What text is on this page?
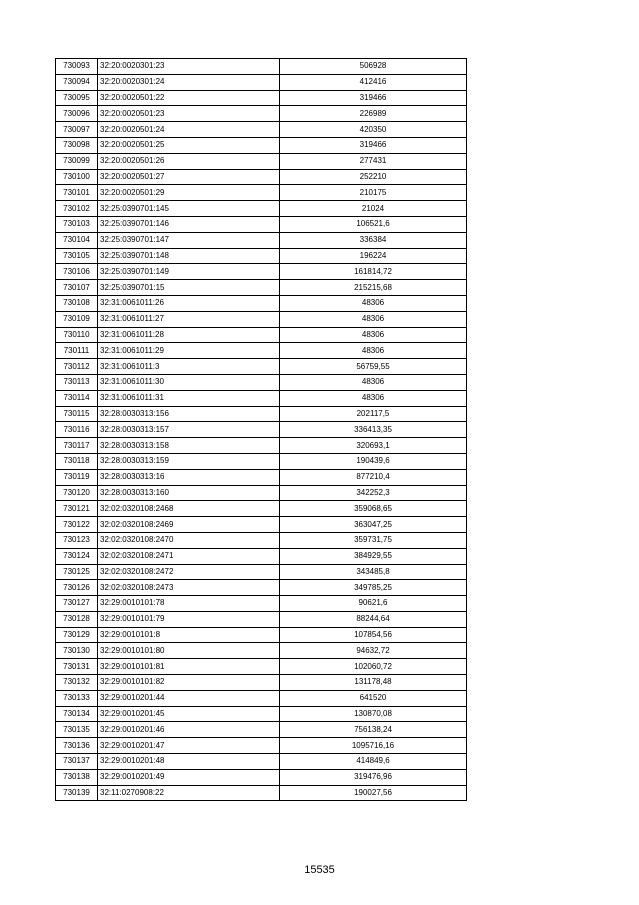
730093	32:20:0020301:23	506928
730094	32:20:0020301:24	412416
730095	32:20:0020501:22	319466
730096	32:20:0020501:23	226989
730097	32:20:0020501:24	420350
730098	32:20:0020501:25	319466
730099	32:20:0020501:26	277431
730100	32:20:0020501:27	252210
730101	32:20:0020501:29	210175
730102	32:25:0390701:145	21024
730103	32:25:0390701:146	106521,6
730104	32:25:0390701:147	336384
730105	32:25:0390701:148	196224
730106	32:25:0390701:149	161814,72
730107	32:25:0390701:15	215215,68
730108	32:31:0061011:26	48306
730109	32:31:0061011:27	48306
730110	32:31:0061011:28	48306
730111	32:31:0061011:29	48306
730112	32:31:0061011:3	56759,55
730113	32:31:0061011:30	48306
730114	32:31:0061011:31	48306
730115	32:28:0030313:156	202117,5
730116	32:28:0030313:157	336413,35
730117	32:28:0030313:158	320693,1
730118	32:28:0030313:159	190439,6
730119	32:28:0030313:16	877210,4
730120	32:28:0030313:160	342252,3
730121	32:02:0320108:2468	359068,65
730122	32:02:0320108:2469	363047,25
730123	32:02:0320108:2470	359731,75
730124	32:02:0320108:2471	384929,55
730125	32:02:0320108:2472	343485,8
730126	32:02:0320108:2473	349785,25
730127	32:29:0010101:78	90621,6
730128	32:29:0010101:79	88244,64
730129	32:29:0010101:8	107854,56
730130	32:29:0010101:80	94632,72
730131	32:29:0010101:81	102060,72
730132	32:29:0010101:82	131178,48
730133	32:29:0010201:44	641520
730134	32:29:0010201:45	130870,08
730135	32:29:0010201:46	756138,24
730136	32:29:0010201:47	1095716,16
730137	32:29:0010201:48	414849,6
730138	32:29:0010201:49	319476,96
730139	32:11:0270908:22	190027,56
15535
